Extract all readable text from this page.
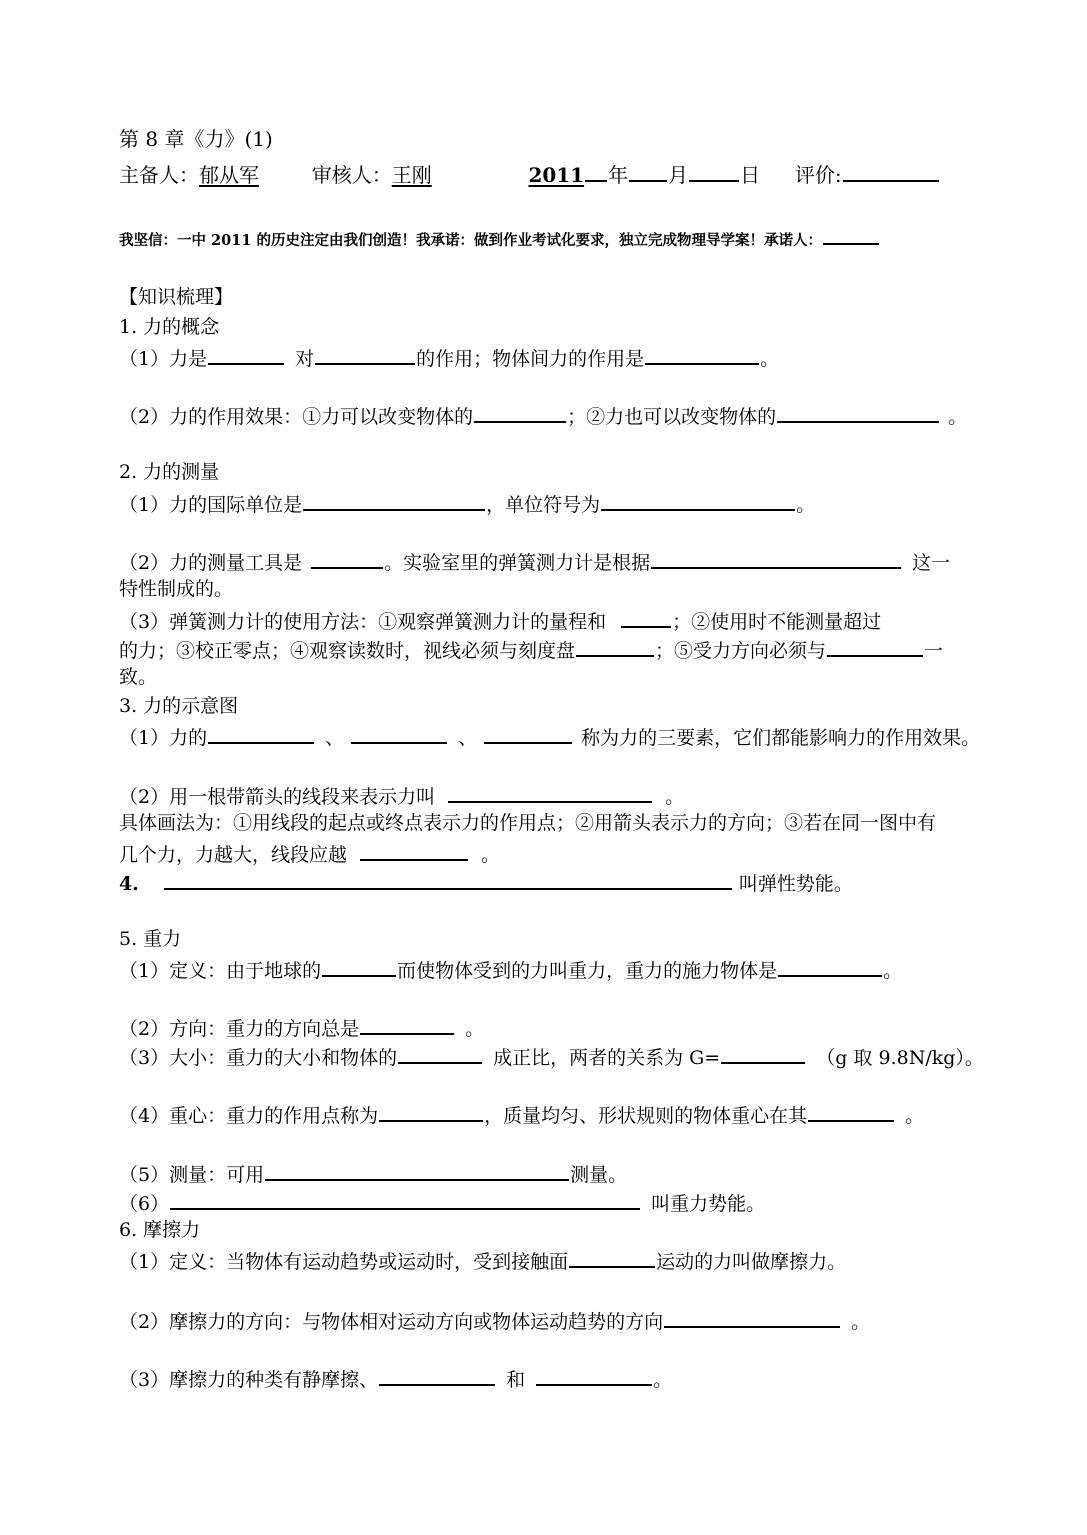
第 8 章《力》(1)
主备人：郁从军	审核人：王刚	2011 年 月	日 评价:
我坚信：一中 2011 的历史注定由我们创造！我承诺：做到作业考试化要求，独立完成物理导学案！承诺人：
【知识梳理】
1. 力的概念
（1）力是	对	的作用；物体间力的作用是	。
（2）力的作用效果：①力可以改变物体的	；②力也可以改变物体的	。
2. 力的测量
（1）力的国际单位是	，单位符号为	。
（2）力的测量工具是	。实验室里的弹簧测力计是根据	这一
特性制成的。
（3）弹簧测力计的使用方法：①观察弹簧测力计的量程和	；②使用时不能测量超过
的力；③校正零点；④观察读数时，视线必须与刻度盘	；⑤受力方向必须与	一
致。
3. 力的示意图
（1）力的	、	、	称为力的三要素，它们都能影响力的作用效果。
（2）用一根带箭头的线段来表示力叫	。
具体画法为：①用线段的起点或终点表示力的作用点；②用箭头表示力的方向；③若在同一图中有
几个力，力越大，线段应越	。
4.	叫弹性势能。
5. 重力
（1）定义：由于地球的	而使物体受到的力叫重力，重力的施力物体是	。
（2）方向：重力的方向总是	。
（3）大小：重力的大小和物体的	成正比，两者的关系为 G=	（g 取 9.8N/kg）。
（4）重心：重力的作用点称为	，质量均匀、形状规则的物体重心在其	。
（5）测量：可用	测量。
（6）	叫重力势能。
6. 摩擦力
（1）定义：当物体有运动趋势或运动时，受到接触面	运动的力叫做摩擦力。
（2）摩擦力的方向：与物体相对运动方向或物体运动趋势的方向	。
（3）摩擦力的种类有静摩擦、	和	。
